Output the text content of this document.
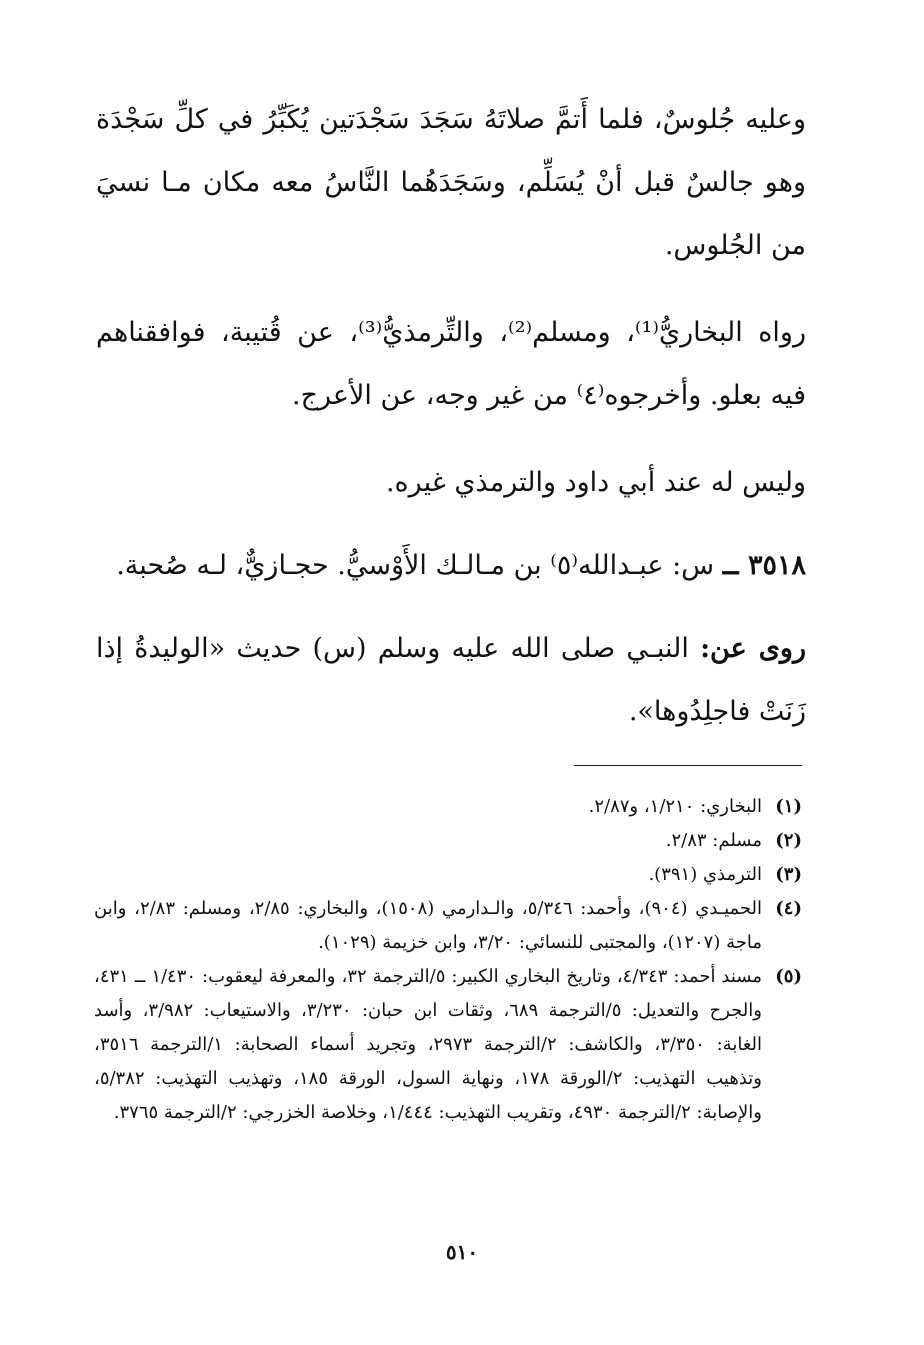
وعليه جُلوسٌ، فلما أَتمَّ صلاتَهُ سَجَدَ سَجْدَتين يُكَبِّرُ في كلِّ سَجْدَة وهو جالسٌ قبل أنْ يُسَلِّم، وسَجَدَهُما النَّاسُ معه مكان مـا نسيَ من الجُلوس.

رواه البخاريُّ⁽¹⁾، ومسلم⁽²⁾، والتِّرمذيُّ⁽³⁾، عن قُتيبة، فوافقناهم فيه بعلو. وأخرجوه⁽٤⁾ من غير وجه، عن الأعرج.

وليس له عند أبي داود والترمذي غيره.

٣٥١٨ ــ س: عبـدالله⁽٥⁾ بن مـالـك الأَوْسيُّ. حجـازيٌّ، لـه صُحبة.

روى عن: النبـي صلى الله عليه وسلم (س) حديث «الوليدةُ إذا زَنَتْ فاجلِدُوها».

(١)
البخاري: ١/٢١٠، و٢/٨٧.

(٢)
مسلم: ٢/٨٣.

(٣)
الترمذي (٣٩١).

(٤)
الحميـدي (٩٠٤)، وأحمد: ٥/٣٤٦، والـدارمي (١٥٠٨)، والبخاري: ٢/٨٥، ومسلم: ٢/٨٣، وابن ماجة (١٢٠٧)، والمجتبى للنسائي: ٣/٢٠، وابن خزيمة (١٠٢٩).

(٥)
مسند أحمد: ٤/٣٤٣، وتاريخ البخاري الكبير: ٥/الترجمة ٣٢، والمعرفة ليعقوب: ١/٤٣٠ ــ ٤٣١، والجرح والتعديل: ٥/الترجمة ٦٨٩، وثقات ابن حبان: ٣/٢٣٠، والاستيعاب: ٣/٩٨٢، وأسد الغابة: ٣/٣٥٠، والكاشف: ٢/الترجمة ٢٩٧٣، وتجريد أسماء الصحابة: ١/الترجمة ٣٥١٦، وتذهيب التهذيب: ٢/الورقة ١٧٨، ونهاية السول، الورقة ١٨٥، وتهذيب التهذيب: ٥/٣٨٢، والإصابة: ٢/الترجمة ٤٩٣٠، وتقريب التهذيب: ١/٤٤٤، وخلاصة الخزرجي: ٢/الترجمة ٣٧٦٥.

٥١٠
